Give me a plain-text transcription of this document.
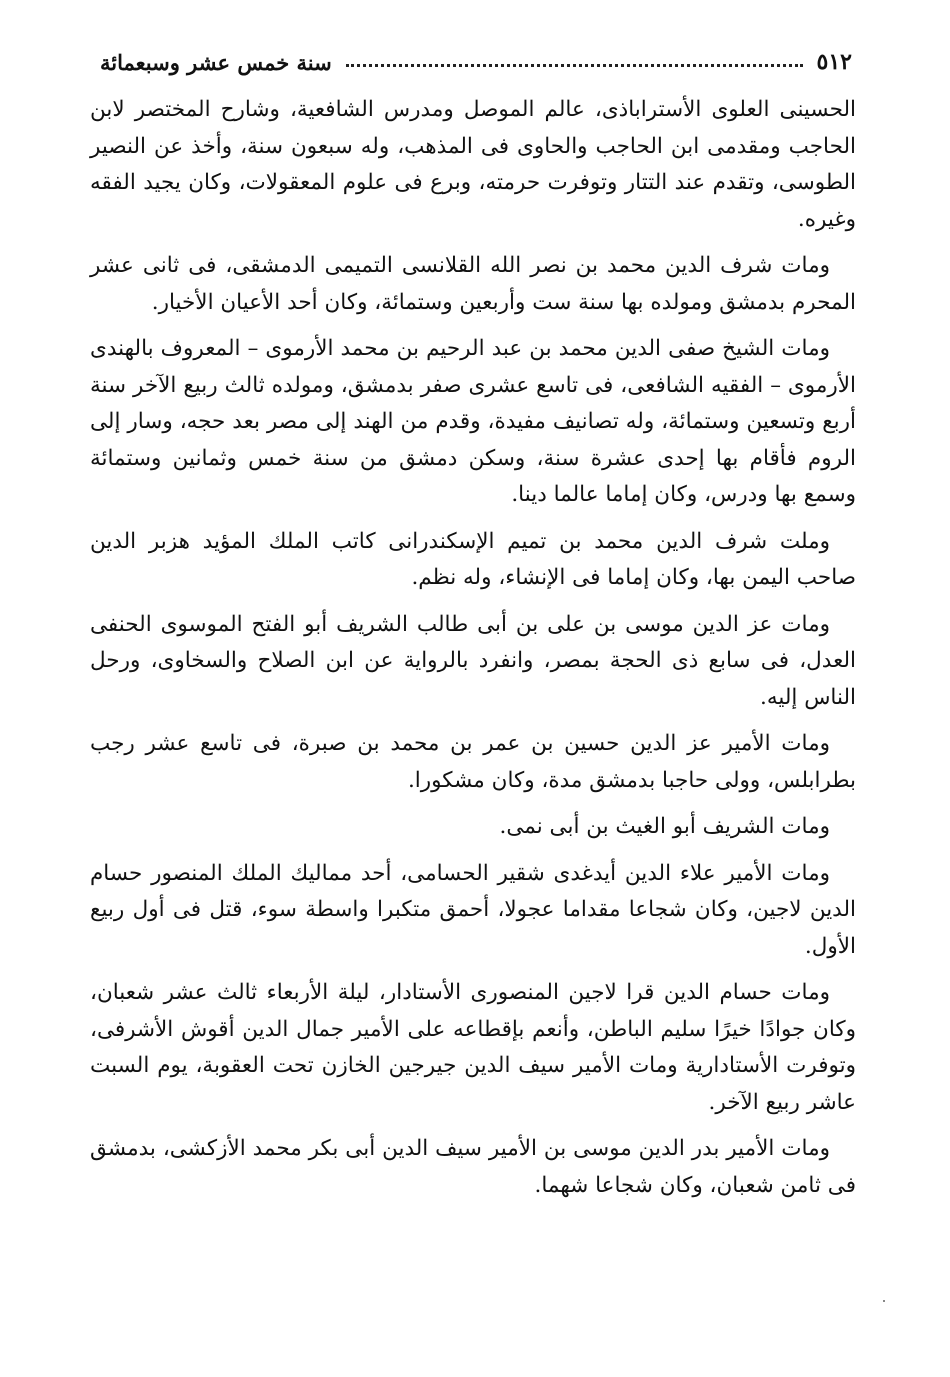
٥١٢
سنة خمس عشر وسبعمائة

الحسينى العلوى الأستراباذى، عالم الموصل ومدرس الشافعية، وشارح المختصر لابن الحاجب ومقدمى ابن الحاجب والحاوى فى المذهب، وله سبعون سنة، وأخذ عن النصير الطوسى، وتقدم عند التتار وتوفرت حرمته، وبرع فى علوم المعقولات، وكان يجيد الفقه وغيره.

ومات شرف الدين محمد بن نصر الله القلانسى التميمى الدمشقى، فى ثانى عشر المحرم بدمشق ومولده بها سنة ست وأربعين وستمائة، وكان أحد الأعيان الأخيار.

ومات الشيخ صفى الدين محمد بن عبد الرحيم بن محمد الأرموى – المعروف بالهندى الأرموى – الفقيه الشافعى، فى تاسع عشرى صفر بدمشق، ومولده ثالث ربيع الآخر سنة أربع وتسعين وستمائة، وله تصانيف مفيدة، وقدم من الهند إلى مصر بعد حجه، وسار إلى الروم فأقام بها إحدى عشرة سنة، وسكن دمشق من سنة خمس وثمانين وستمائة وسمع بها ودرس، وكان إماما عالما دينا.

وملت شرف الدين محمد بن تميم الإسكندرانى كاتب الملك المؤيد هزبر الدين صاحب اليمن بها، وكان إماما فى الإنشاء، وله نظم.

ومات عز الدين موسى بن على بن أبى طالب الشريف أبو الفتح الموسوى الحنفى العدل، فى سابع ذى الحجة بمصر، وانفرد بالرواية عن ابن الصلاح والسخاوى، ورحل الناس إليه.

ومات الأمير عز الدين حسين بن عمر بن محمد بن صبرة، فى تاسع عشر رجب بطرابلس، وولى حاجبا بدمشق مدة، وكان مشكورا.

ومات الشريف أبو الغيث بن أبى نمى.

ومات الأمير علاء الدين أيدغدى شقير الحسامى، أحد مماليك الملك المنصور حسام الدين لاجين، وكان شجاعا مقداما عجولا، أحمق متكبرا واسطة سوء، قتل فى أول ربيع الأول.

ومات حسام الدين قرا لاجين المنصورى الأستادار، ليلة الأربعاء ثالث عشر شعبان، وكان جوادًا خيرًا سليم الباطن، وأنعم بإقطاعه على الأمير جمال الدين أقوش الأشرفى، وتوفرت الأستادارية ومات الأمير سيف الدين جيرجين الخازن تحت العقوبة، يوم السبت عاشر ربيع الآخر.

ومات الأمير بدر الدين موسى بن الأمير سيف الدين أبى بكر محمد الأزكشى، بدمشق فى ثامن شعبان، وكان شجاعا شهما.
